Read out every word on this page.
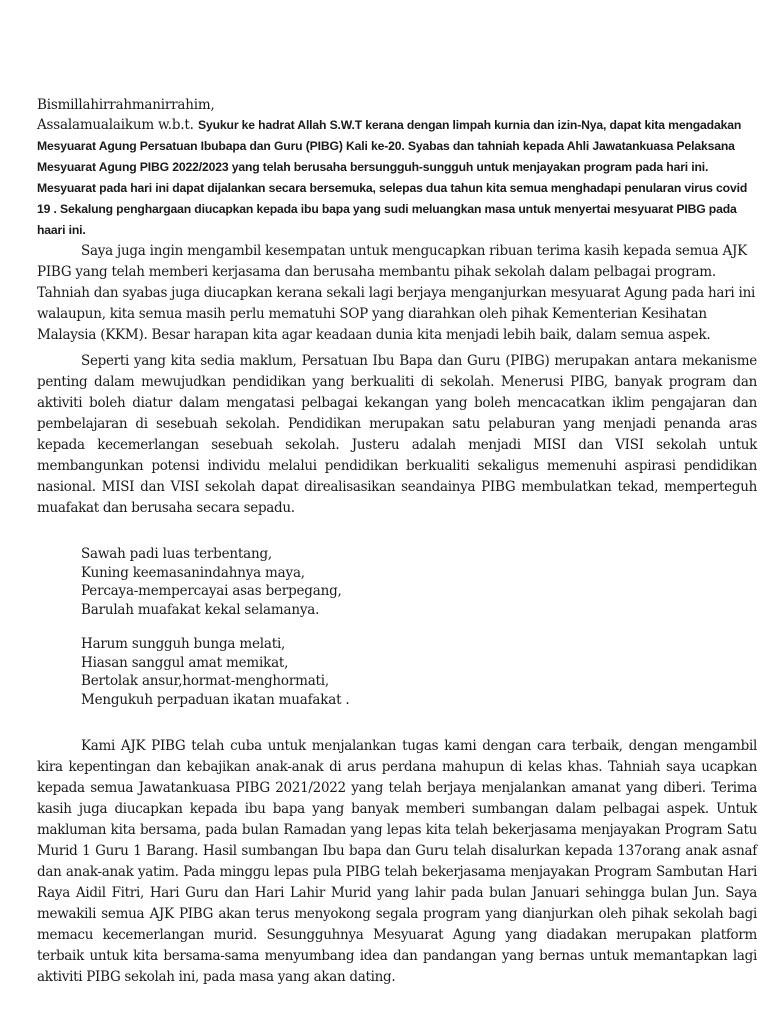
Bismillahirrahmanirrahim,

Assalamualaikum w.b.t. Syukur ke hadrat Allah S.W.T kerana dengan limpah kurnia dan izin-Nya, dapat kita mengadakan Mesyuarat Agung Persatuan Ibubapa dan Guru (PIBG) Kali ke-20. Syabas dan tahniah kepada Ahli Jawatankuasa Pelaksana Mesyuarat Agung PIBG 2022/2023 yang telah berusaha bersungguh-sungguh untuk menjayakan program pada hari ini. Mesyuarat pada hari ini dapat dijalankan secara bersemuka, selepas dua tahun kita semua menghadapi penularan virus covid 19 . Sekalung penghargaan diucapkan kepada ibu bapa yang sudi meluangkan masa untuk menyertai mesyuarat PIBG pada haari ini.

Saya juga ingin mengambil kesempatan untuk mengucapkan ribuan terima kasih kepada semua AJK PIBG yang telah memberi kerjasama dan berusaha membantu pihak sekolah dalam pelbagai program. Tahniah dan syabas juga diucapkan kerana sekali lagi berjaya menganjurkan mesyuarat Agung pada hari ini walaupun, kita semua masih perlu mematuhi SOP yang diarahkan oleh pihak Kementerian Kesihatan Malaysia (KKM). Besar harapan kita agar keadaan dunia kita menjadi lebih baik, dalam semua aspek.

Seperti yang kita sedia maklum, Persatuan Ibu Bapa dan Guru (PIBG) merupakan antara mekanisme penting dalam mewujudkan pendidikan yang berkualiti di sekolah. Menerusi PIBG, banyak program dan aktiviti boleh diatur dalam mengatasi pelbagai kekangan yang boleh mencacatkan iklim pengajaran dan pembelajaran di sesebuah sekolah. Pendidikan merupakan satu pelaburan yang menjadi penanda aras kepada kecemerlangan sesebuah sekolah. Justeru adalah menjadi MISI dan VISI sekolah untuk membangunkan potensi individu melalui pendidikan berkualiti sekaligus memenuhi aspirasi pendidikan nasional. MISI dan VISI sekolah dapat direalisasikan seandainya PIBG membulatkan tekad, memperteguh muafakat dan berusaha secara sepadu.

Sawah padi luas terbentang,
Kuning keemasanindahnya maya,
Percaya-mempercayai asas berpegang,
Barulah muafakat kekal selamanya.
Harum sungguh bunga melati,
Hiasan sanggul amat memikat,
Bertolak ansur,hormat-menghormati,
Mengukuh perpaduan ikatan muafakat .

Kami AJK PIBG telah cuba untuk menjalankan tugas kami dengan cara terbaik, dengan mengambil kira kepentingan dan kebajikan anak-anak di arus perdana mahupun di kelas khas. Tahniah saya ucapkan kepada semua Jawatankuasa PIBG 2021/2022 yang telah berjaya menjalankan amanat yang diberi. Terima kasih juga diucapkan kepada ibu bapa yang banyak memberi sumbangan dalam pelbagai aspek. Untuk makluman kita bersama, pada bulan Ramadan yang lepas kita telah bekerjasama menjayakan Program Satu Murid 1 Guru 1 Barang. Hasil sumbangan Ibu bapa dan Guru telah disalurkan kepada 137orang anak asnaf dan anak-anak yatim. Pada minggu lepas pula PIBG telah bekerjasama menjayakan Program Sambutan Hari Raya Aidil Fitri, Hari Guru dan Hari Lahir Murid yang lahir pada bulan Januari sehingga bulan Jun. Saya mewakili semua AJK PIBG akan terus menyokong segala program yang dianjurkan oleh pihak sekolah bagi memacu kecemerlangan murid. Sesungguhnya Mesyuarat Agung yang diadakan merupakan platform terbaik untuk kita bersama-sama menyumbang idea dan pandangan yang bernas untuk memantapkan lagi aktiviti PIBG sekolah ini, pada masa yang akan dating.
